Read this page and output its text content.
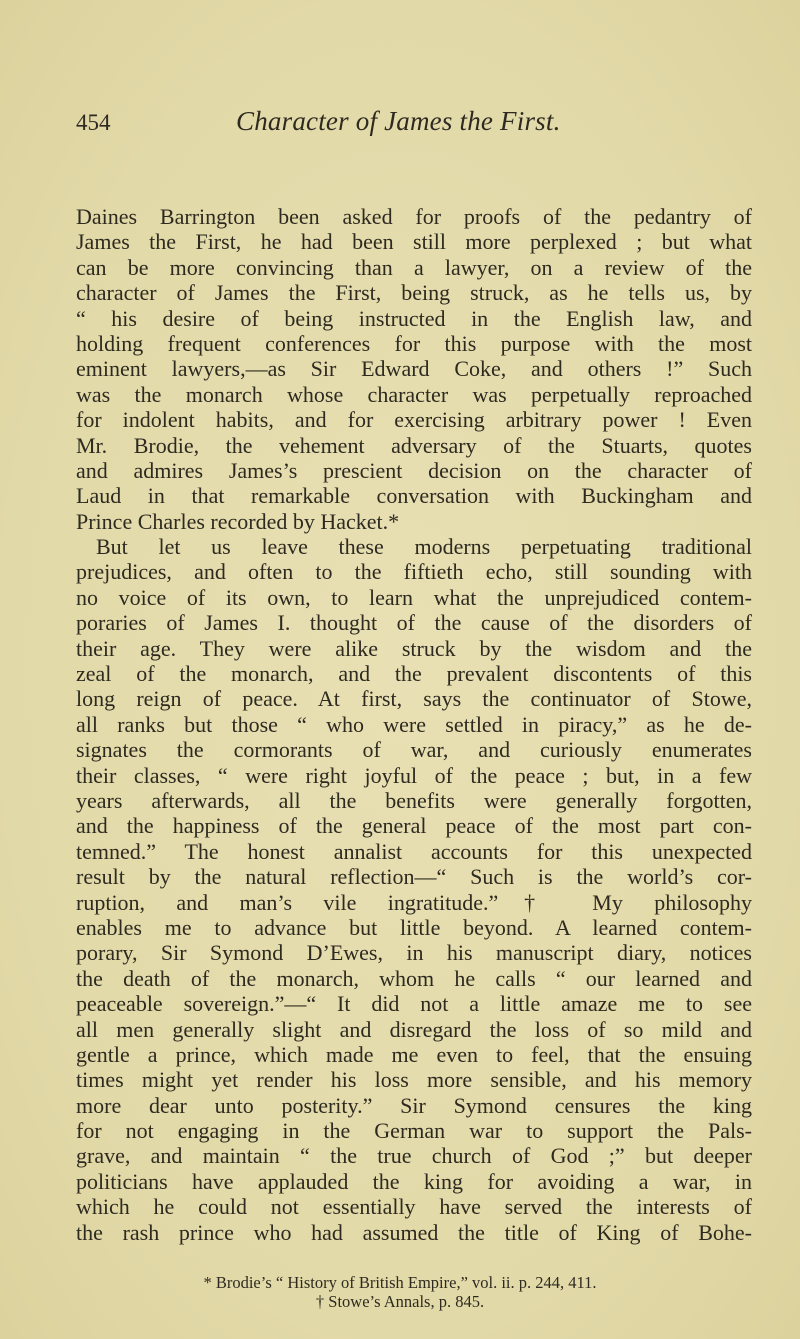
454	Character of James the First.
Daines Barrington been asked for proofs of the pedantry of
James the First, he had been still more perplexed ; but what
can be more convincing than a lawyer, on a review of the
character of James the First, being struck, as he tells us, by
“ his desire of being instructed in the English law, and
holding frequent conferences for this purpose with the most
eminent lawyers,—as Sir Edward Coke, and others !” Such
was the monarch whose character was perpetually reproached
for indolent habits, and for exercising arbitrary power ! Even
Mr. Brodie, the vehement adversary of the Stuarts, quotes
and admires James’s prescient decision on the character of
Laud in that remarkable conversation with Buckingham and
Prince Charles recorded by Hacket.*
But let us leave these moderns perpetuating traditional
prejudices, and often to the fiftieth echo, still sounding with
no voice of its own, to learn what the unprejudiced contem-
poraries of James I. thought of the cause of the disorders of
their age. They were alike struck by the wisdom and the
zeal of the monarch, and the prevalent discontents of this
long reign of peace. At first, says the continuator of Stowe,
all ranks but those “ who were settled in piracy,” as he de-
signates the cormorants of war, and curiously enumerates
their classes, “ were right joyful of the peace ; but, in a few
years afterwards, all the benefits were generally forgotten,
and the happiness of the general peace of the most part con-
temned.” The honest annalist accounts for this unexpected
result by the natural reflection—“ Such is the world’s cor-
ruption, and man’s vile ingratitude.”† My philosophy
enables me to advance but little beyond. A learned contem-
porary, Sir Symond D’Ewes, in his manuscript diary, notices
the death of the monarch, whom he calls “ our learned and
peaceable sovereign.”—“ It did not a little amaze me to see
all men generally slight and disregard the loss of so mild and
gentle a prince, which made me even to feel, that the ensuing
times might yet render his loss more sensible, and his memory
more dear unto posterity.” Sir Symond censures the king
for not engaging in the German war to support the Pals-
grave, and maintain “ the true church of God ;” but deeper
politicians have applauded the king for avoiding a war, in
which he could not essentially have served the interests of
the rash prince who had assumed the title of King of Bohe-
* Brodie’s “ History of British Empire,” vol. ii. p. 244, 411.
† Stowe’s Annals, p. 845.
